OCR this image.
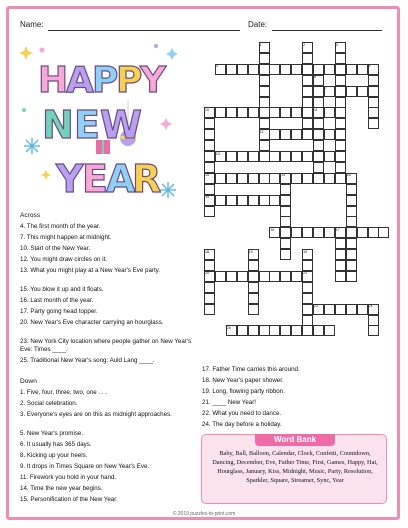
Name:	Date:
H
A
P
P
Y
N E W
Y
E
A
R
Across
4. The first month of the year.
7. This might happen at midnight.
10. Start of the New Year.
12. You might draw circles on it.
13. What you might play at a New Year's Eve party.
15. You blow it up and it floats.
16. Last month of the year.
17. Party going head topper.
20. New Year's Eve character carrying an hourglass.
23. New York City location where people gather on New Year's Eve: Times ____.
25. Traditional New Year's song: Auld Lang ____.
Down
1. Five, four, three, two, one . . .
2. Social celebration.
3. Everyone's eyes are on this as midnight approaches.
5. New Year's promise.
6. It usually has 365 days.
8. Kicking up your heels.
9. It drops in Times Square on New Year's Eve.
11. Firework you hold in your hand.
14. Time the new year begins.
15. Personification of the New Year.
17. Father Time carries this around.
18. New Year's paper shower.
19. Long, flowing party ribbon.
21. ____ New Year!
22. What you need to dance.
24. The day before a holiday.
1
12
2	3
4	5
6
11
7
10
15
15
13
14	16
16	17
18
20
19	19
22
23	24
25
Word Bank
Baby, Ball, Balloon, Calendar, Clock, Confetti, Countdown, Dancing, December, Eve, Father Time, First, Games, Happy, Hat, Hourglass, January, Kiss, Midnight, Music, Party, Resolution, Sparkler, Square, Streamer, Sync, Year
© 2019 puzzles-to-print.com
